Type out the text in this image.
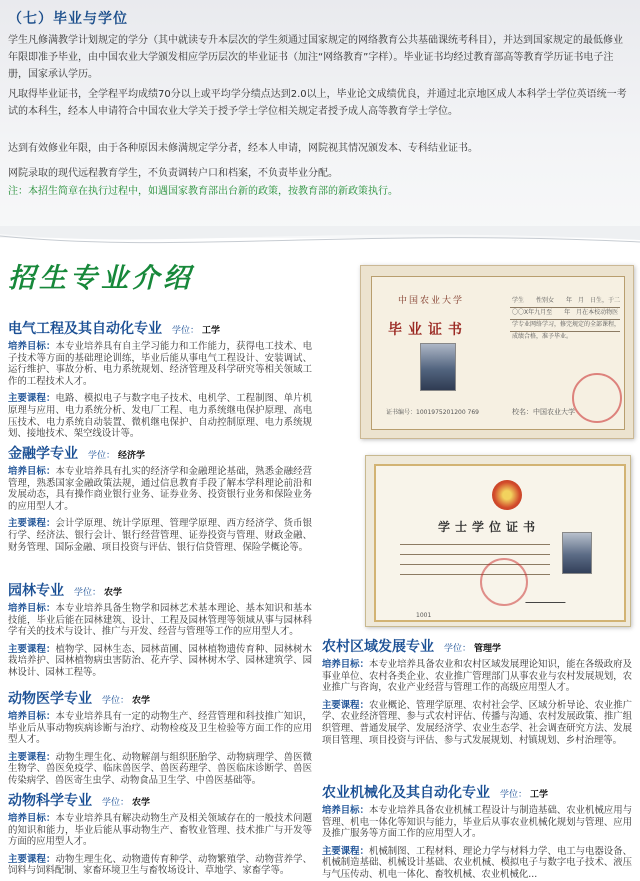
（七）毕业与学位

学生凡修满教学计划规定的学分（其中就读专升本层次的学生须通过国家规定的网络教育公共基础课统考科目），并达到国家规定的最低修业年限即准予毕业，由中国农业大学颁发相应学历层次的毕业证书（加注“网络教育”字样）。毕业证书均经过教育部高等教育学历证书电子注册，国家承认学历。

凡取得毕业证书，全学程平均成绩70分以上或平均学分绩点达到2.0以上，毕业论文成绩优良，并通过北京地区成人本科学士学位英语统一考试的本科生，经本人申请符合中国农业大学关于授予学士学位相关规定者授予成人高等教育学士学位。

达到有效修业年限，由于各种原因未修满规定学分者，经本人申请，网院视其情况颁发本、专科结业证书。

网院录取的现代远程教育学生，不负责调转户口和档案，不负责毕业分配。

注：本招生简章在执行过程中，如遇国家教育部出台新的政策，按教育部的新政策执行。

招生专业介绍
中国农业大学
毕业证书
学生　　性别女　　年　月　日生，于二〇〇X年九月至　　年　月在本校动物医学专业网络学习，修完规定的全部课程，成绩合格，准予毕业。
证书编号：1001975201200 769	校名：中国农业大学
学士学位证书
1001
电气工程及其自动化专业 学位： 工学

培养目标：本专业培养具有自主学习能力和工作能力，获得电工技术、电子技术等方面的基础理论训练，毕业后能从事电气工程设计、安装调试、运行维护、事故分析、电力系统规划、经济管理及科学研究等相关领域工作的工程技术人才。

主要课程：电路、模拟电子与数字电子技术、电机学、工程制图、单片机原理与应用、电力系统分析、发电厂工程、电力系统继电保护原理、高电压技术、电力系统自动装置、微机继电保护、自动控制原理、电力系统规划、接地技术、架空线设计等。

金融学专业 学位： 经济学

培养目标：本专业培养具有扎实的经济学和金融理论基础，熟悉金融经营管理，熟悉国家金融政策法规，通过信息教育手段了解本学科理论前沿和发展动态，具有操作商业银行业务、证券业务、投资银行业务和保险业务的应用型人才。

主要课程：会计学原理、统计学原理、管理学原理、西方经济学、货币银行学、经济法、银行会计、银行经营管理、证券投资与管理、财政金融、财务管理、国际金融、项目投资与评估、银行信贷管理、保险学概论等。

园林专业 学位： 农学

培养目标：本专业培养具备生物学和园林艺术基本理论、基本知识和基本技能，毕业后能在园林建筑、设计、工程及园林管理等领域从事与园林科学有关的技术与设计、推广与开发、经营与管理等工作的应用型人才。

主要课程：植物学、园林生态、园林苗圃、园林植物遗传育种、园林树木栽培养护、园林植物病虫害防治、花卉学、园林树木学、园林建筑学、园林设计、园林工程等。

动物医学专业 学位： 农学

培养目标：本专业培养具有一定的动物生产、经营管理和科技推广知识，毕业后从事动物疾病诊断与治疗、动物检疫及卫生检验等方面工作的应用型人才。

主要课程：动物生理生化、动物解剖与组织胚胎学、动物病理学、兽医微生物学、兽医免疫学、临床兽医学、兽医药理学、兽医临床诊断学、兽医传染病学、兽医寄生虫学、动物食品卫生学、中兽医基础等。

动物科学专业 学位： 农学

培养目标：本专业培养具有解决动物生产及相关领域存在的一般技术问题的知识和能力，毕业后能从事动物生产、畜牧业管理、技术推广与开发等方面的应用型人才。

主要课程：动物生理生化、动物遗传育种学、动物繁殖学、动物营养学、饲料与饲料配制、家畜环境卫生与畜牧场设计、草地学、家畜学等。

农村区域发展专业 学位： 管理学

培养目标：本专业培养具备农业和农村区域发展理论知识，能在各级政府及事业单位、农村各类企业、农业推广管理部门从事农业与农村发展规划，农业推广与咨询，农业产业经营与管理工作的高级应用型人才。

主要课程：农业概论、管理学原理、农村社会学、区域分析导论、农业推广学、农业经济管理、参与式农村评估、传播与沟通、农村发展政策、推广组织管理、普通发展学、发展经济学、农业生态学、社会调查研究方法、发展项目管理、项目投资与评估、参与式发展规划、村镇规划、乡村治理等。

农业机械化及其自动化专业 学位： 工学

培养目标：本专业培养具备农业机械工程设计与制造基础、农业机械应用与管理、机电一体化等知识与能力，毕业后从事农业机械化规划与管理、应用及推广服务等方面工作的应用型人才。

主要课程：机械制图、工程材料、理论力学与材料力学、电工与电器设备、机械制造基础、机械设计基础、农业机械、模拟电子与数字电子技术、液压与气压传动、机电一体化、畜牧机械、农业机械化...
